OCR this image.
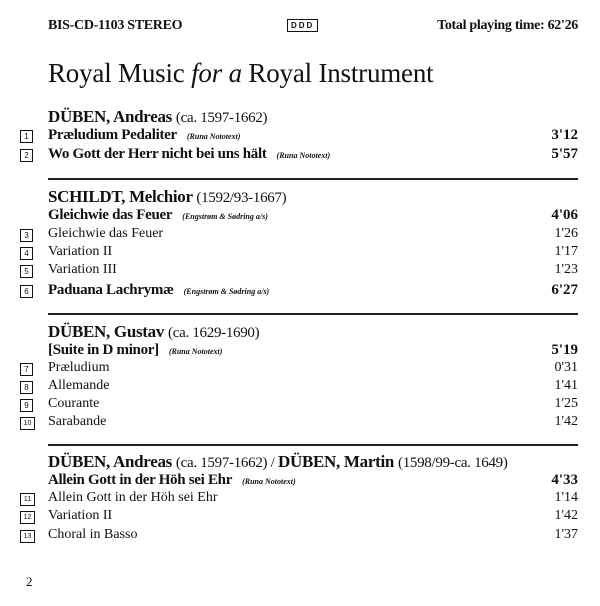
BIS-CD-1103 STEREO	DDD	Total playing time: 62'26
Royal Music for a Royal Instrument
DÜBEN, Andreas (ca. 1597-1662)
1 Præludium Pedaliter (Runa Nototext)	3'12
2 Wo Gott der Herr nicht bei uns hält (Runa Nototext)	5'57
SCHILDT, Melchior (1592/93-1667)
Gleichwie das Feuer (Engstrøm & Sødring a/s)	4'06
3	Gleichwie das Feuer	1'26
4	Variation II	1'17
5	Variation III	1'23
6 Paduana Lachrymæ (Engstrøm & Sødring a/s)	6'27
DÜBEN, Gustav (ca. 1629-1690)
[Suite in D minor] (Runa Nototext)	5'19
7	Præludium	0'31
8	Allemande	1'41
9	Courante	1'25
10 Sarabande	1'42
DÜBEN, Andreas (ca. 1597-1662) / DÜBEN, Martin (1598/99-ca. 1649)
Allein Gott in der Höh sei Ehr (Runa Nototext)	4'33
11 Allein Gott in der Höh sei Ehr	1'14
12 Variation II	1'42
13 Choral in Basso	1'37
2
